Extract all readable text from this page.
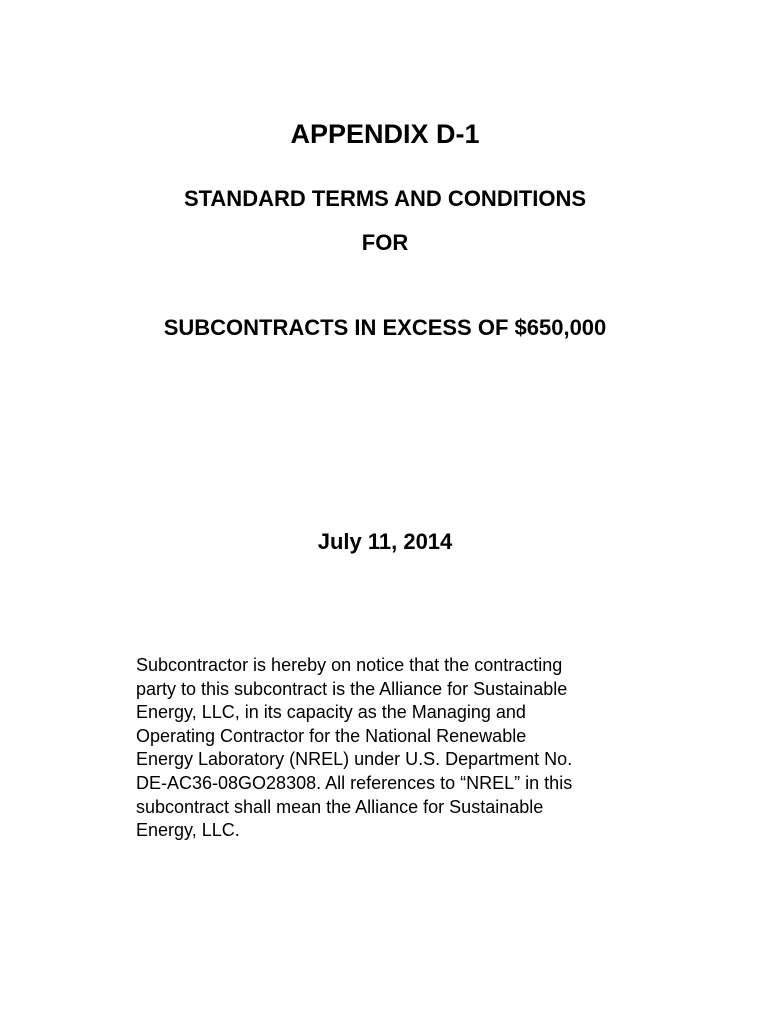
APPENDIX D-1
STANDARD TERMS AND CONDITIONS
FOR
SUBCONTRACTS IN EXCESS OF $650,000
July 11, 2014
Subcontractor is hereby on notice that the contracting
party to this subcontract is the Alliance for Sustainable
Energy, LLC, in its capacity as the Managing and
Operating Contractor for the National Renewable
Energy Laboratory (NREL) under U.S. Department No.
DE-AC36-08GO28308. All references to “NREL” in this
subcontract shall mean the Alliance for Sustainable
Energy, LLC.
